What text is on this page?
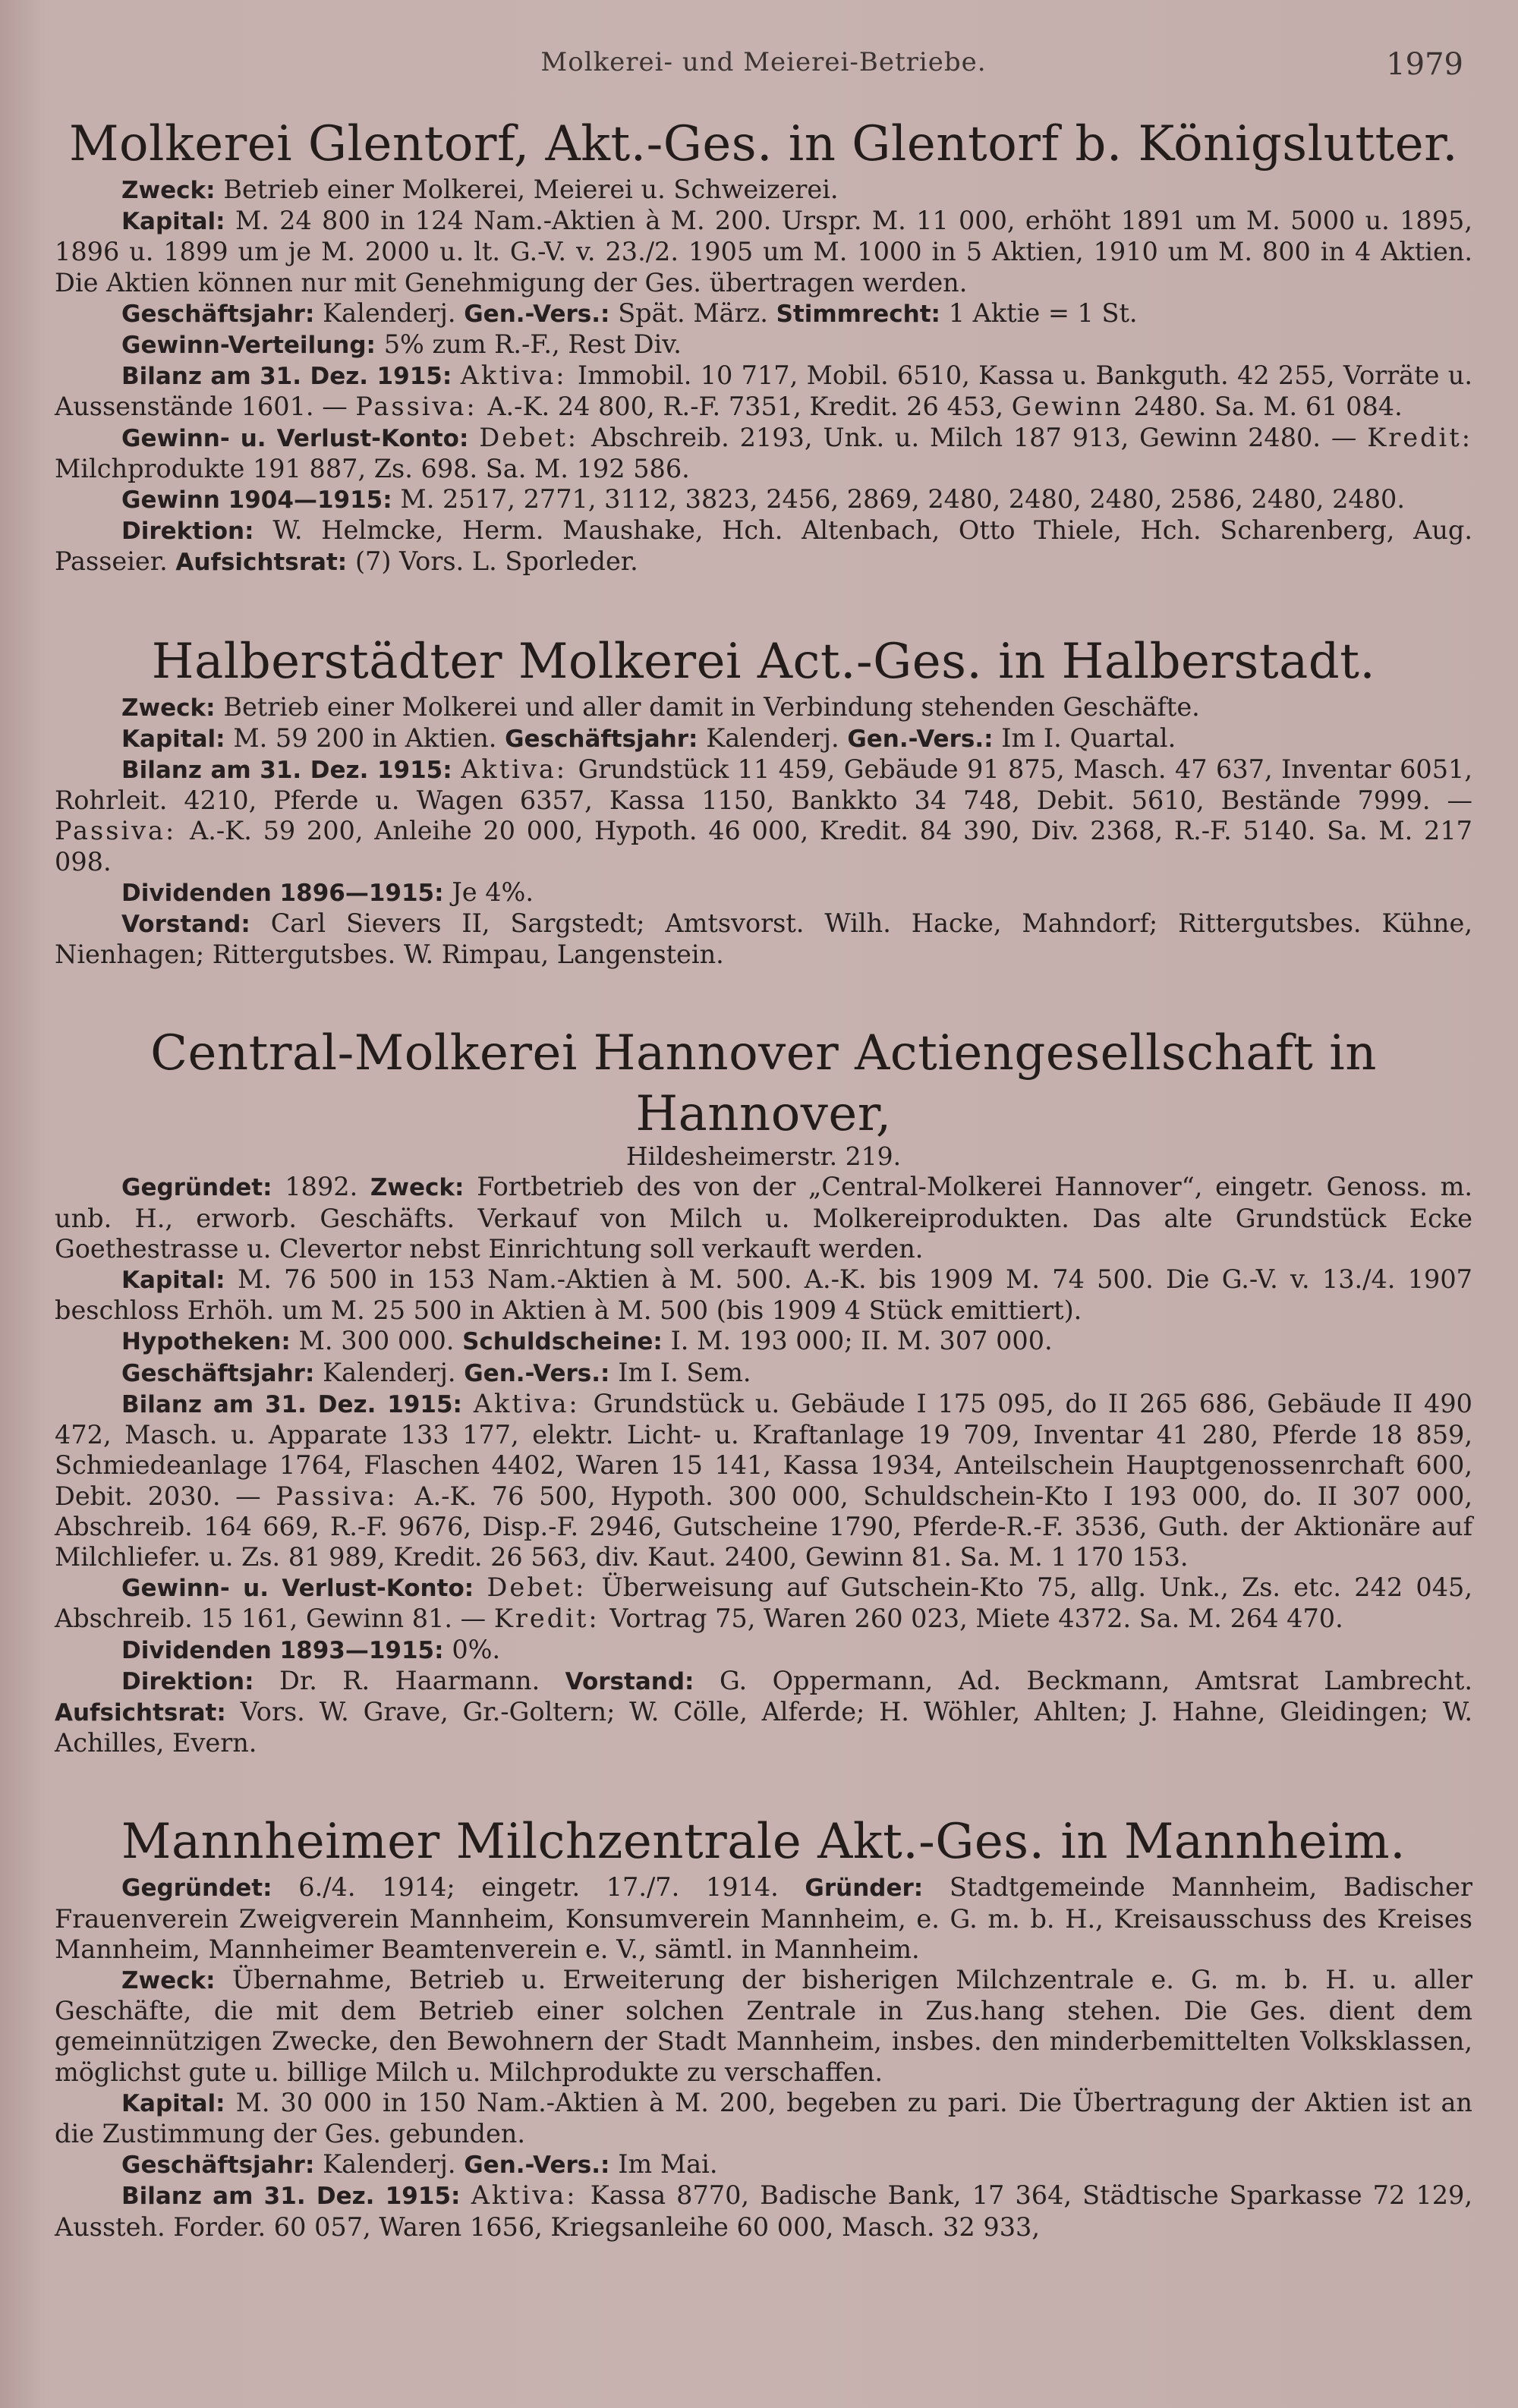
Molkerei- und Meierei-Betriebe.	1979
Molkerei Glentorf, Akt.-Ges. in Glentorf b. Königslutter.

Zweck: Betrieb einer Molkerei, Meierei u. Schweizerei.

Kapital: M. 24 800 in 124 Nam.-Aktien à M. 200. Urspr. M. 11 000, erhöht 1891 um M. 5000 u. 1895, 1896 u. 1899 um je M. 2000 u. lt. G.-V. v. 23./2. 1905 um M. 1000 in 5 Aktien, 1910 um M. 800 in 4 Aktien. Die Aktien können nur mit Genehmigung der Ges. übertragen werden.

Geschäftsjahr: Kalenderj. Gen.-Vers.: Spät. März. Stimmrecht: 1 Aktie = 1 St.

Gewinn-Verteilung: 5% zum R.-F., Rest Div.

Bilanz am 31. Dez. 1915: Aktiva: Immobil. 10 717, Mobil. 6510, Kassa u. Bankguth. 42 255, Vorräte u. Aussenstände 1601. — Passiva: A.-K. 24 800, R.-F. 7351, Kredit. 26 453, Gewinn 2480. Sa. M. 61 084.

Gewinn- u. Verlust-Konto: Debet: Abschreib. 2193, Unk. u. Milch 187 913, Gewinn 2480. — Kredit: Milchprodukte 191 887, Zs. 698. Sa. M. 192 586.

Gewinn 1904—1915: M. 2517, 2771, 3112, 3823, 2456, 2869, 2480, 2480, 2480, 2586, 2480, 2480.

Direktion: W. Helmcke, Herm. Maushake, Hch. Altenbach, Otto Thiele, Hch. Scharenberg, Aug. Passeier. Aufsichtsrat: (7) Vors. L. Sporleder.

Halberstädter Molkerei Act.-Ges. in Halberstadt.

Zweck: Betrieb einer Molkerei und aller damit in Verbindung stehenden Geschäfte.

Kapital: M. 59 200 in Aktien. Geschäftsjahr: Kalenderj. Gen.-Vers.: Im I. Quartal.

Bilanz am 31. Dez. 1915: Aktiva: Grundstück 11 459, Gebäude 91 875, Masch. 47 637, Inventar 6051, Rohrleit. 4210, Pferde u. Wagen 6357, Kassa 1150, Bankkto 34 748, Debit. 5610, Bestände 7999. — Passiva: A.-K. 59 200, Anleihe 20 000, Hypoth. 46 000, Kredit. 84 390, Div. 2368, R.-F. 5140. Sa. M. 217 098.

Dividenden 1896—1915: Je 4%.

Vorstand: Carl Sievers II, Sargstedt; Amtsvorst. Wilh. Hacke, Mahndorf; Rittergutsbes. Kühne, Nienhagen; Rittergutsbes. W. Rimpau, Langenstein.

Central-Molkerei Hannover Actiengesellschaft in Hannover,
Hildesheimerstr. 219.

Gegründet: 1892. Zweck: Fortbetrieb des von der „Central-Molkerei Hannover“, eingetr. Genoss. m. unb. H., erworb. Geschäfts. Verkauf von Milch u. Molkereiprodukten. Das alte Grundstück Ecke Goethestrasse u. Clevertor nebst Einrichtung soll verkauft werden.

Kapital: M. 76 500 in 153 Nam.-Aktien à M. 500. A.-K. bis 1909 M. 74 500. Die G.-V. v. 13./4. 1907 beschloss Erhöh. um M. 25 500 in Aktien à M. 500 (bis 1909 4 Stück emittiert).

Hypotheken: M. 300 000. Schuldscheine: I. M. 193 000; II. M. 307 000.

Geschäftsjahr: Kalenderj. Gen.-Vers.: Im I. Sem.

Bilanz am 31. Dez. 1915: Aktiva: Grundstück u. Gebäude I 175 095, do II 265 686, Gebäude II 490 472, Masch. u. Apparate 133 177, elektr. Licht- u. Kraftanlage 19 709, Inventar 41 280, Pferde 18 859, Schmiedeanlage 1764, Flaschen 4402, Waren 15 141, Kassa 1934, Anteilschein Hauptgenossenrchaft 600, Debit. 2030. — Passiva: A.-K. 76 500, Hypoth. 300 000, Schuldschein-Kto I 193 000, do. II 307 000, Abschreib. 164 669, R.-F. 9676, Disp.-F. 2946, Gutscheine 1790, Pferde-R.-F. 3536, Guth. der Aktionäre auf Milchliefer. u. Zs. 81 989, Kredit. 26 563, div. Kaut. 2400, Gewinn 81. Sa. M. 1 170 153.

Gewinn- u. Verlust-Konto: Debet: Überweisung auf Gutschein-Kto 75, allg. Unk., Zs. etc. 242 045, Abschreib. 15 161, Gewinn 81. — Kredit: Vortrag 75, Waren 260 023, Miete 4372. Sa. M. 264 470.

Dividenden 1893—1915: 0%.

Direktion: Dr. R. Haarmann. Vorstand: G. Oppermann, Ad. Beckmann, Amtsrat Lambrecht. Aufsichtsrat: Vors. W. Grave, Gr.-Goltern; W. Cölle, Alferde; H. Wöhler, Ahlten; J. Hahne, Gleidingen; W. Achilles, Evern.

Mannheimer Milchzentrale Akt.-Ges. in Mannheim.

Gegründet: 6./4. 1914; eingetr. 17./7. 1914. Gründer: Stadtgemeinde Mannheim, Badischer Frauenverein Zweigverein Mannheim, Konsumverein Mannheim, e. G. m. b. H., Kreisausschuss des Kreises Mannheim, Mannheimer Beamtenverein e. V., sämtl. in Mannheim.

Zweck: Übernahme, Betrieb u. Erweiterung der bisherigen Milchzentrale e. G. m. b. H. u. aller Geschäfte, die mit dem Betrieb einer solchen Zentrale in Zus.hang stehen. Die Ges. dient dem gemeinnützigen Zwecke, den Bewohnern der Stadt Mannheim, insbes. den minderbemittelten Volksklassen, möglichst gute u. billige Milch u. Milchprodukte zu verschaffen.

Kapital: M. 30 000 in 150 Nam.-Aktien à M. 200, begeben zu pari. Die Übertragung der Aktien ist an die Zustimmung der Ges. gebunden.

Geschäftsjahr: Kalenderj. Gen.-Vers.: Im Mai.

Bilanz am 31. Dez. 1915: Aktiva: Kassa 8770, Badische Bank, 17 364, Städtische Sparkasse 72 129, Ausstеh. Forder. 60 057, Waren 1656, Kriegsanleihe 60 000, Masch. 32 933,
